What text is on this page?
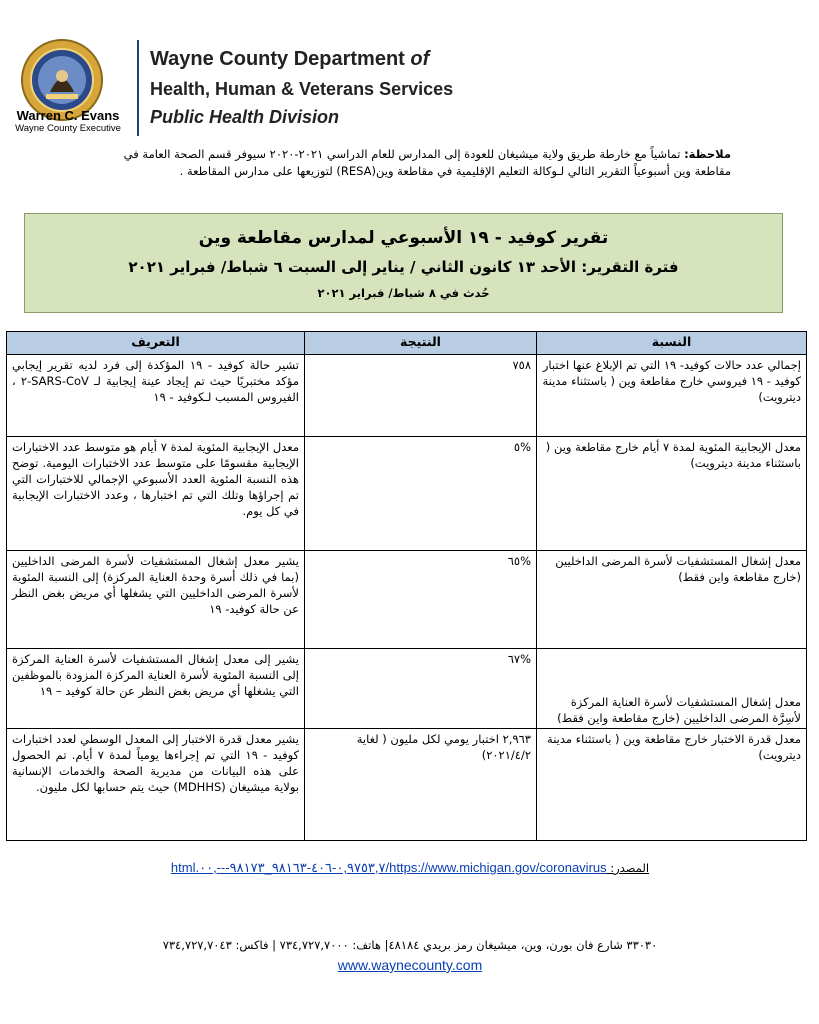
Warren C. Evans
Wayne County Executive
Wayne County Department of
Health, Human & Veterans Services
Public Health Division
ملاحظة: تماشياً مع خارطة طريق ولاية ميشيغان للعودة إلى المدارس للعام الدراسي ٢٠٢١-٢٠٢٠ سيوفر قسم الصحة العامة في مقاطعة وين أسبوعياً التقرير التالي لـوكالة التعليم الإقليمية في مقاطعة وين(RESA) لتوزيعها على مدارس المقاطعة .
تقرير كوفيد - ١٩ الأسبوعي لمدارس مقاطعة وين
فترة التقرير: الأحد ١٣ كانون الثاني / يناير إلى السبت ٦ شباط/ فبراير ٢٠٢١
حُدث في ٨ شباط/ فبراير ٢٠٢١
النسبة	النتيجة	التعريف
إجمالي عدد حالات كوفيد- ١٩ التي تم الإبلاغ عنها اختبار كوفيد - ١٩ فيروسي خارج مقاطعة وين ( باستثناء مدينة ديترويت)	٧٥٨	تشير حالة كوفيد - ١٩ المؤكدة إلى فرد لديه تقرير إيجابي مؤكد مختبريًا حيث تم إيجاد عينة إيجابية لـ SARS-CoV-٢ ، الفيروس المسبب لـكوفيد - ١٩
معدل الإيجابية المئوية لمدة ٧ أيام خارج مقاطعة وين ( باستثناء مدينة ديترويت)	%٥	معدل الإيجابية المئوية لمدة ٧ أيام هو متوسط عدد الاختبارات الإيجابية مقسومًا على متوسط عدد الاختبارات اليومية. توضح هذه النسبة المئوية العدد الأسبوعي الإجمالي للاختبارات التي تم إجراؤها وتلك التي تم اختبارها ، وعدد الاختبارات الإيجابية في كل يوم.
معدل إشغال المستشفيات لأسرة المرضى الداخليين (خارج مقاطعة واين فقط)	%٦٥	يشير معدل إشغال المستشفيات لأسرة المرضى الداخليين (بما في ذلك أسرة وحدة العناية المركزة) إلى النسبة المئوية لأسرة المرضى الداخليين التي يشغلها أي مريض بغض النظر عن حالة كوفيد- ١٩
معدل إشغال المستشفيات لأسرة العناية المركزة لأسِرَّة المرضى الداخليين (خارج مقاطعة واين فقط)	%٦٧	يشير إلى معدل إشغال المستشفيات لأسرة العناية المركزة إلى النسبة المئوية لأسرة العناية المركزة المزودة بالموظفين التي يشغلها أي مريض بغض النظر عن حالة كوفيد – ١٩
معدل قدرة الاختبار خارج مقاطعة وين ( باستثناء مدينة ديترويت)	٢,٩٦٣ اختبار يومي لكل مليون ( لغاية ٢٠٢١/٤/٢)	يشير معدل قدرة الاختبار إلى المعدل الوسطي لعدد اختبارات كوفيد - ١٩ التي تم إجراءها يومياً لمدة ٧ أيام. تم الحصول على هذه البيانات من مديرية الصحة والخدمات الإنسانية بولاية ميشيغان (MDHHS) حيث يتم حسابها لكل مليون.
المصدر: https://www.michigan.gov/coronavirus/٠,٩٧٥٣,٧-٤٠٦-٩٨١٦٣_٩٨١٧٣---,٠٠.html
٣٣٠٣٠ شارع فان بورن، وين، ميشيغان رمز بريدي ٤٨١٨٤| هاتف: ٧٣٤,٧٢٧,٧٠٠٠ | فاكس: ٧٣٤,٧٢٧,٧٠٤٣
www.waynecounty.com
